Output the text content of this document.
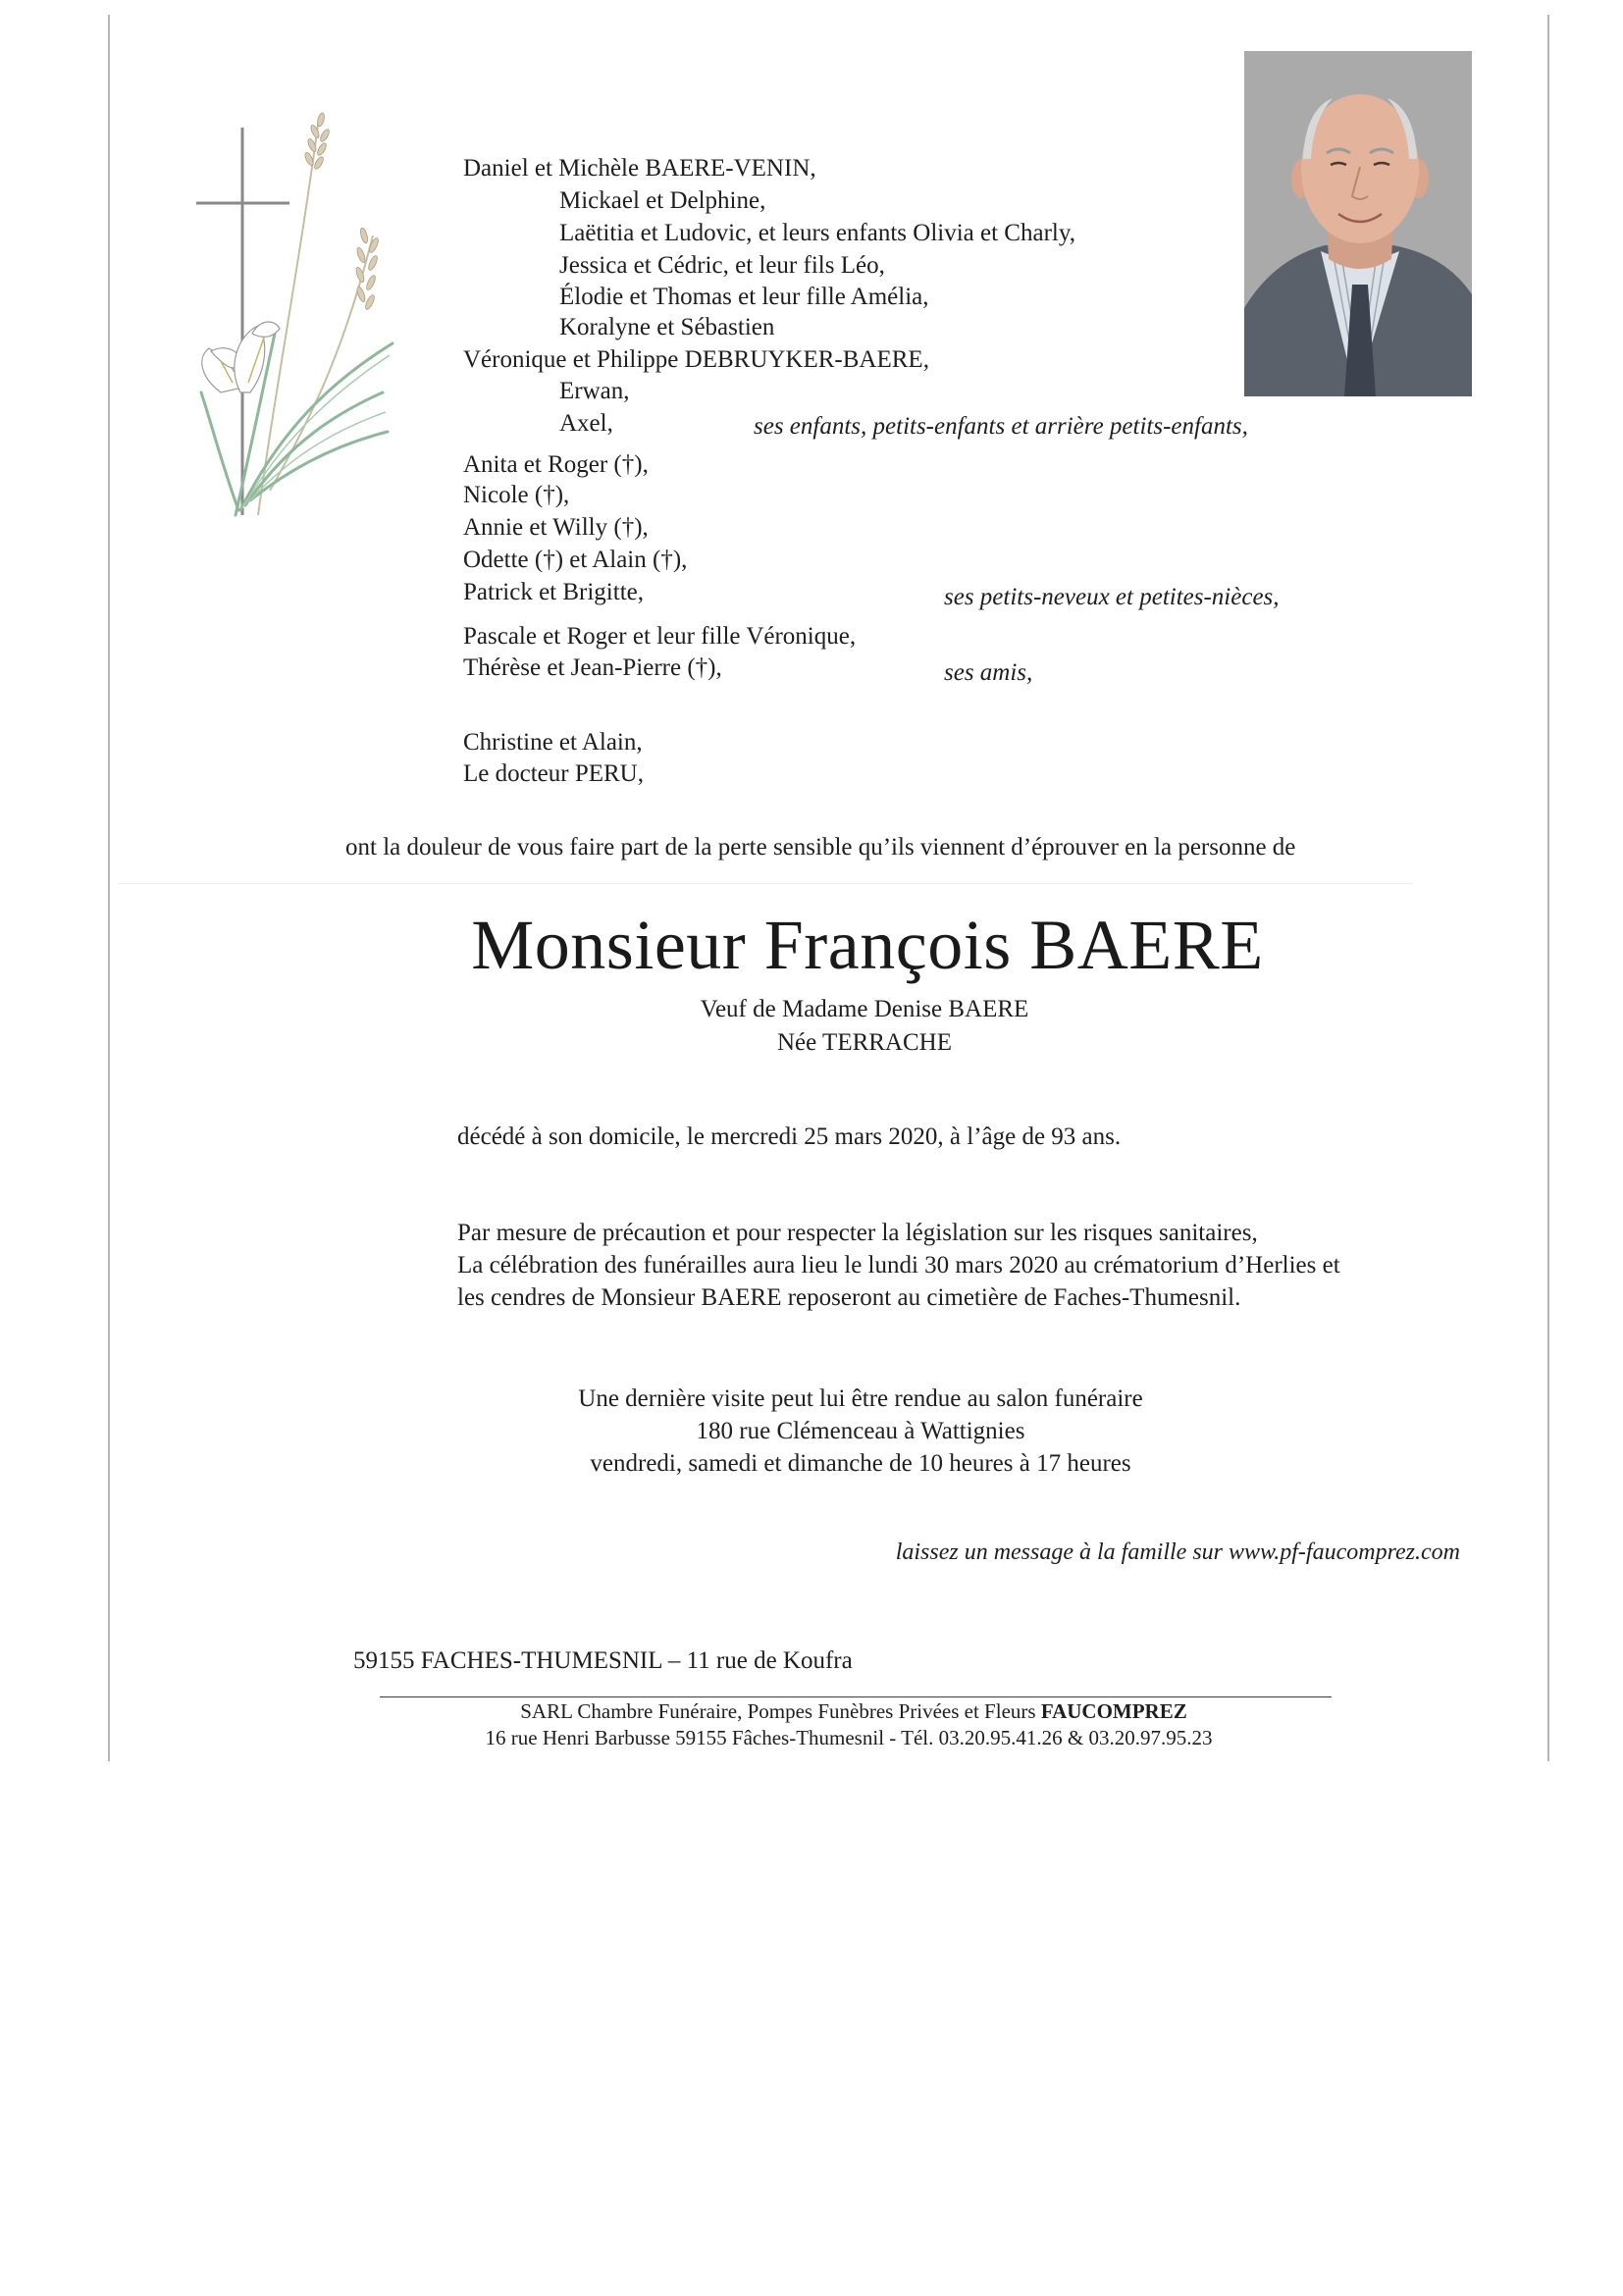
Daniel et Michèle BAERE-VENIN,
Mickael et Delphine,
Laëtitia et Ludovic, et leurs enfants Olivia et Charly,
Jessica et Cédric, et leur fils Léo,
Élodie et Thomas et leur fille Amélia,
Koralyne et Sébastien
Véronique et Philippe DEBRUYKER-BAERE,
Erwan,
Axel,	ses enfants, petits-enfants et arrière petits-enfants,
Anita et Roger (†),
Nicole (†),
Annie et Willy (†),
Odette (†) et Alain (†),
Patrick et Brigitte,	ses petits-neveux et petites-nièces,
Pascale et Roger et leur fille Véronique,
Thérèse et Jean-Pierre (†),	ses amis,
Christine et Alain,
Le docteur PERU,
ont la douleur de vous faire part de la perte sensible qu’ils viennent d’éprouver en la personne de
Monsieur François BAERE
Veuf de Madame Denise BAERE
Née TERRACHE
décédé à son domicile, le mercredi 25 mars 2020, à l’âge de 93 ans.
Par mesure de précaution et pour respecter la législation sur les risques sanitaires,
La célébration des funérailles aura lieu le lundi 30 mars 2020 au crématorium d’Herlies et
les cendres de Monsieur BAERE reposeront au cimetière de Faches-Thumesnil.
Une dernière visite peut lui être rendue au salon funéraire
180 rue Clémenceau à Wattignies
vendredi, samedi et dimanche de 10 heures à 17 heures
laissez un message à la famille sur www.pf-faucomprez.com
59155 FACHES-THUMESNIL – 11 rue de Koufra
SARL Chambre Funéraire, Pompes Funèbres Privées et Fleurs FAUCOMPREZ
16 rue Henri Barbusse 59155 Fâches-Thumesnil - Tél. 03.20.95.41.26 & 03.20.97.95.23
